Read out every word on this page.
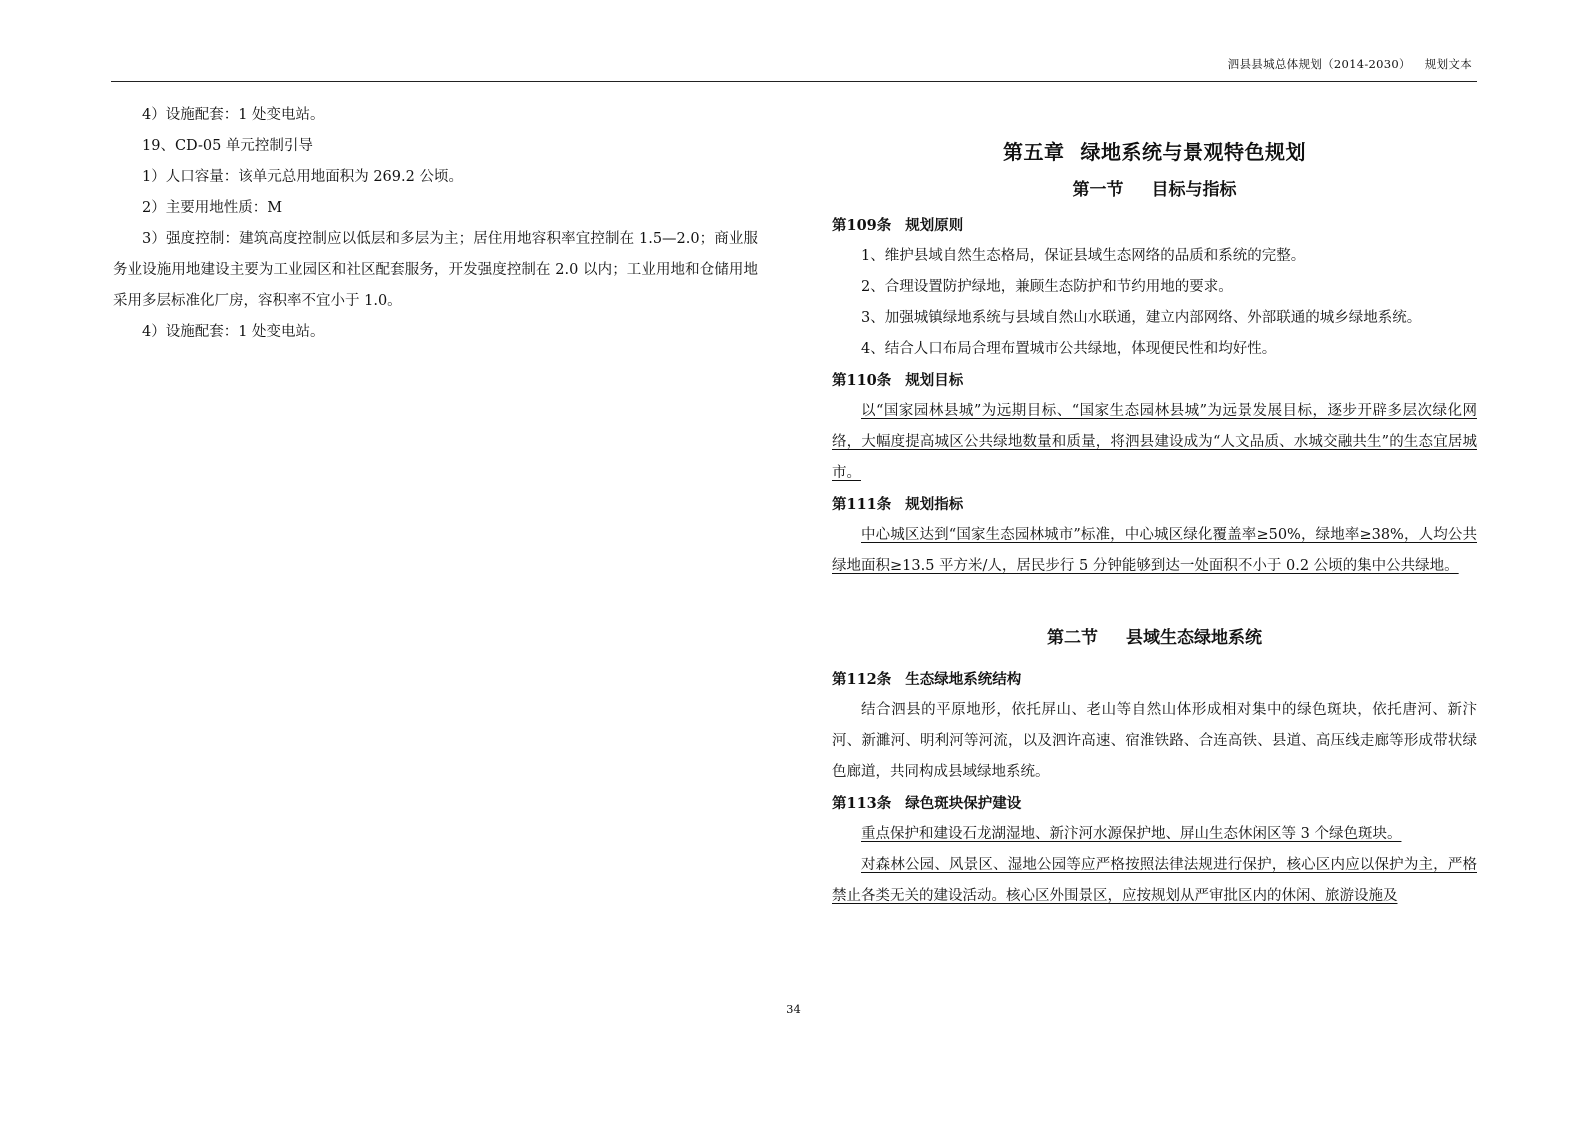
泗县县城总体规划（2014-2030） 规划文本

4）设施配套：1 处变电站。

19、CD-05 单元控制引导

1）人口容量：该单元总用地面积为 269.2 公顷。

2）主要用地性质：M

3）强度控制：建筑高度控制应以低层和多层为主；居住用地容积率宜控制在 1.5—2.0；商业服务业设施用地建设主要为工业园区和社区配套服务，开发强度控制在 2.0 以内；工业用地和仓储用地采用多层标准化厂房，容积率不宜小于 1.0。

4）设施配套：1 处变电站。

第五章 绿地系统与景观特色规划
第一节 目标与指标

第109条 规划原则

1、维护县域自然生态格局，保证县域生态网络的品质和系统的完整。

2、合理设置防护绿地，兼顾生态防护和节约用地的要求。

3、加强城镇绿地系统与县域自然山水联通，建立内部网络、外部联通的城乡绿地系统。

4、结合人口布局合理布置城市公共绿地，体现便民性和均好性。

第110条 规划目标

以“国家园林县城”为远期目标、“国家生态园林县城”为远景发展目标，逐步开辟多层次绿化网络，大幅度提高城区公共绿地数量和质量，将泗县建设成为“人文品质、水城交融共生”的生态宜居城市。

第111条 规划指标

中心城区达到“国家生态园林城市”标准，中心城区绿化覆盖率≥50%，绿地率≥38%，人均公共绿地面积≥13.5 平方米/人，居民步行 5 分钟能够到达一处面积不小于 0.2 公顷的集中公共绿地。

第二节 县域生态绿地系统

第112条 生态绿地系统结构

结合泗县的平原地形，依托屏山、老山等自然山体形成相对集中的绿色斑块，依托唐河、新汴河、新濉河、明利河等河流，以及泗许高速、宿淮铁路、合连高铁、县道、高压线走廊等形成带状绿色廊道，共同构成县域绿地系统。

第113条 绿色斑块保护建设

重点保护和建设石龙湖湿地、新汴河水源保护地、屏山生态休闲区等 3 个绿色斑块。

对森林公园、风景区、湿地公园等应严格按照法律法规进行保护，核心区内应以保护为主，严格禁止各类无关的建设活动。核心区外围景区，应按规划从严审批区内的休闲、旅游设施及

34
